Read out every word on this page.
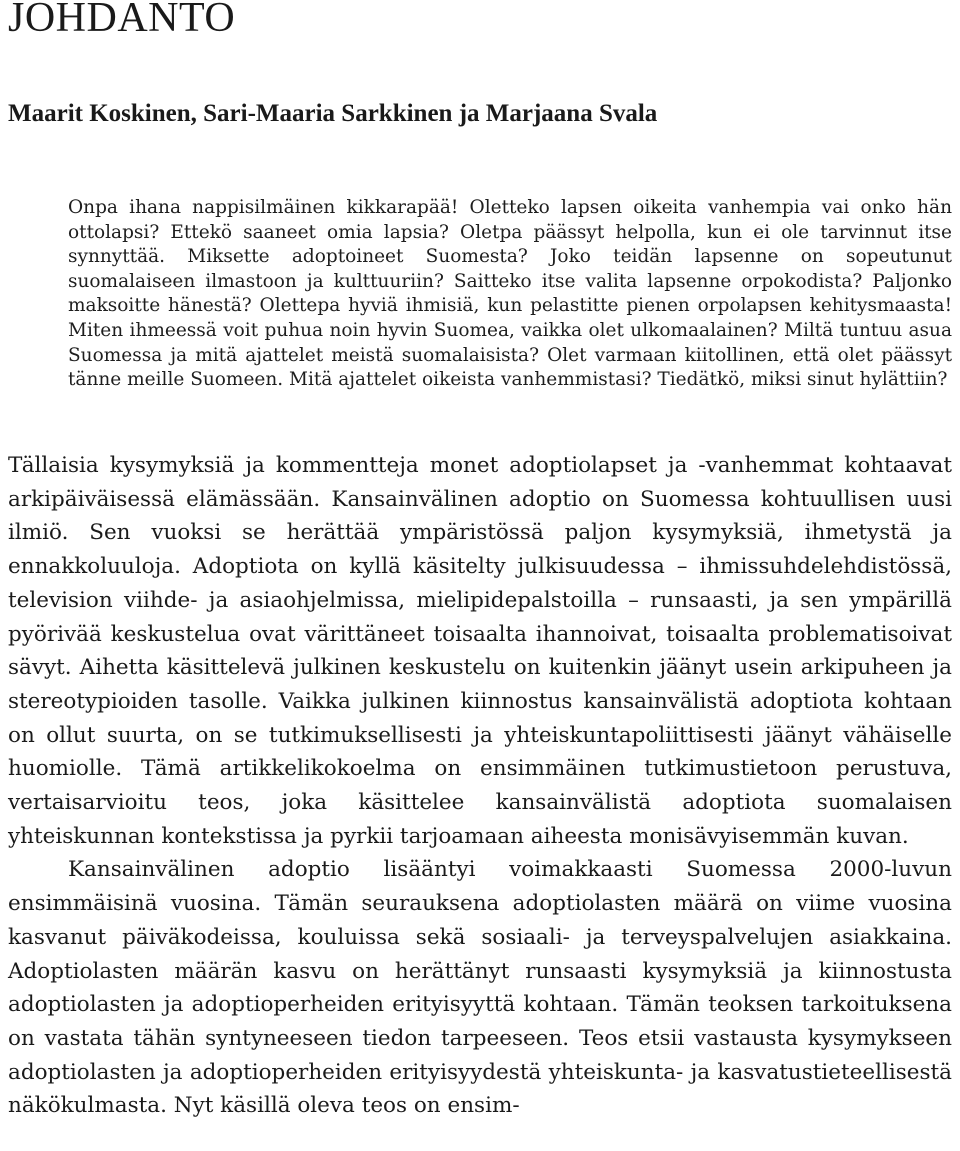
JOHDANTO
Maarit Koskinen, Sari-Maaria Sarkkinen ja Marjaana Svala

Onpa ihana nappisilmäinen kikkarapää! Oletteko lapsen oikeita vanhempia vai onko hän ottolapsi? Ettekö saaneet omia lapsia? Oletpa päässyt helpolla, kun ei ole tarvinnut itse synnyttää. Miksette adoptoineet Suomesta? Joko teidän lapsenne on sopeutunut suomalaiseen ilmastoon ja kulttuuriin? Saitteko itse valita lapsenne orpokodista? Paljonko maksoitte hänestä? Olettepa hyviä ihmisiä, kun pelastitte pienen orpolapsen kehitysmaasta! Miten ihmeessä voit puhua noin hyvin Suomea, vaikka olet ulkomaalainen? Miltä tuntuu asua Suomessa ja mitä ajattelet meistä suomalaisista? Olet varmaan kiitollinen, että olet päässyt tänne meille Suomeen. Mitä ajattelet oikeista vanhemmistasi? Tiedätkö, miksi sinut hylättiin?

Tällaisia kysymyksiä ja kommentteja monet adoptiolapset ja -vanhemmat kohtaavat arkipäiväisessä elämässään. Kansainvälinen adoptio on Suomessa kohtuullisen uusi ilmiö. Sen vuoksi se herättää ympäristössä paljon kysymyksiä, ihmetystä ja ennakkoluuloja. Adoptiota on kyllä käsitelty julkisuudessa – ihmissuhdelehdistössä, television viihde- ja asiaohjelmissa, mielipidepalstoilla – runsaasti, ja sen ympärillä pyörivää keskustelua ovat värittäneet toisaalta ihannoivat, toisaalta problematisoivat sävyt. Aihetta käsittelevä julkinen keskustelu on kuitenkin jäänyt usein arkipuheen ja stereotypioiden tasolle. Vaikka julkinen kiinnostus kansainvälistä adoptiota kohtaan on ollut suurta, on se tutkimuksellisesti ja yhteiskuntapoliittisesti jäänyt vähäiselle huomiolle. Tämä artikkelikokoelma on ensimmäinen tutkimustietoon perustuva, vertaisarvioitu teos, joka käsittelee kansainvälistä adoptiota suomalaisen yhteiskunnan kontekstissa ja pyrkii tarjoamaan aiheesta monisävyisemmän kuvan.

Kansainvälinen adoptio lisääntyi voimakkaasti Suomessa 2000-luvun ensimmäisinä vuosina. Tämän seurauksena adoptiolasten määrä on viime vuosina kasvanut päiväkodeissa, kouluissa sekä sosiaali- ja terveyspalvelujen asiakkaina. Adoptiolasten määrän kasvu on herättänyt runsaasti kysymyksiä ja kiinnostusta adoptiolasten ja adoptioperheiden erityisyyttä kohtaan. Tämän teoksen tarkoituksena on vastata tähän syntyneeseen tiedon tarpeeseen. Teos etsii vastausta kysymykseen adoptiolasten ja adoptioperheiden erityisyydestä yhteiskunta- ja kasvatustieteellisestä näkökulmasta. Nyt käsillä oleva teos on ensim-
